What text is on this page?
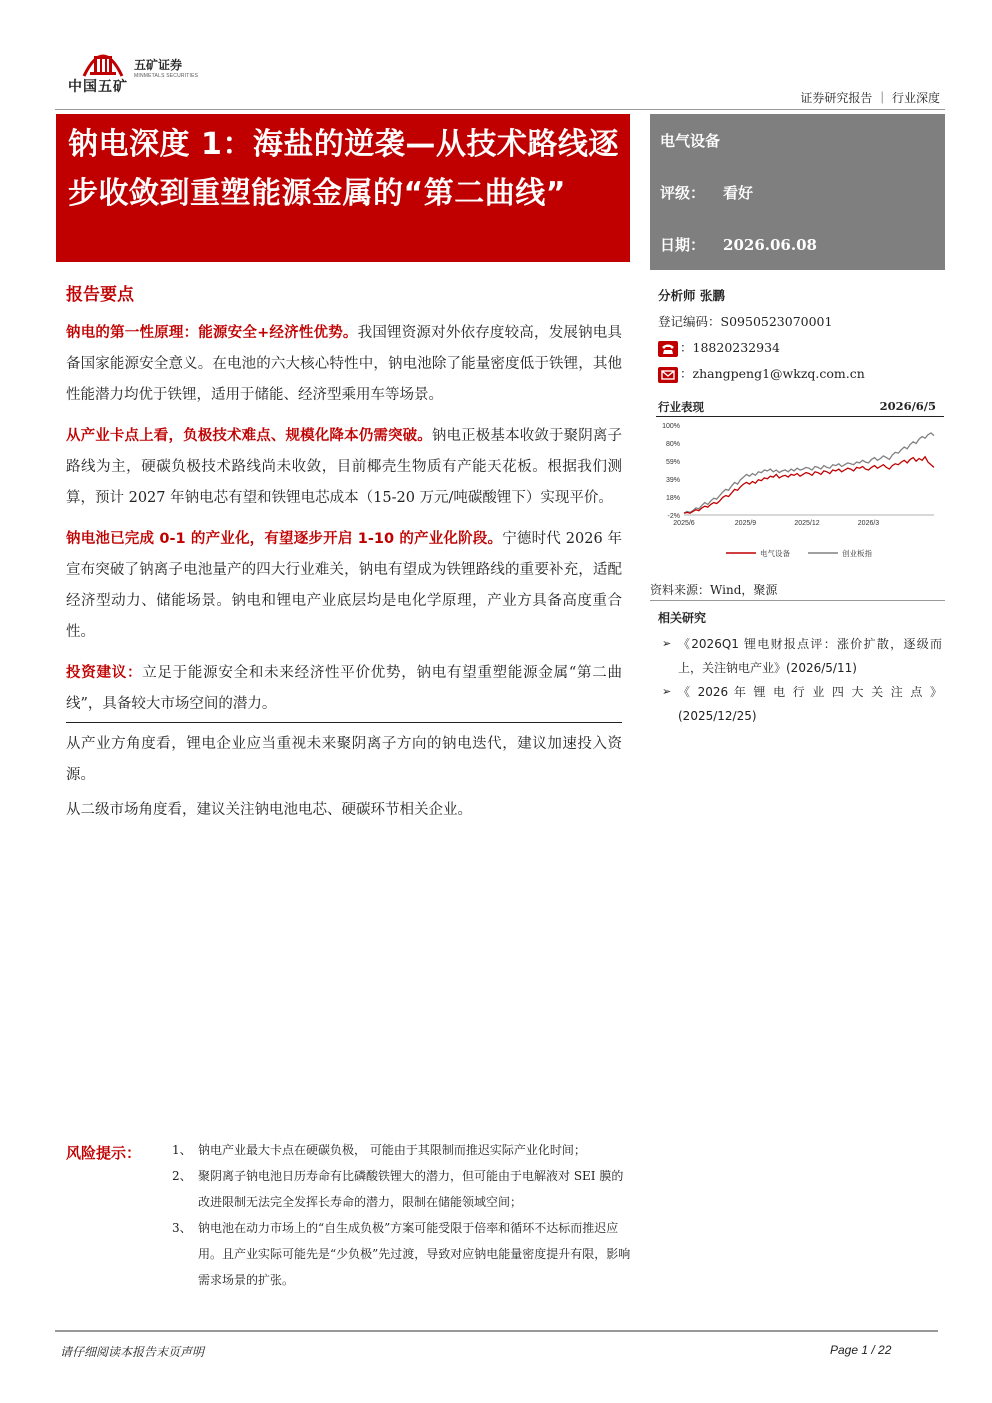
中国五矿
五矿证券
MINMETALS SECURITIES
证券研究报告 ｜ 行业深度
钠电深度 1：海盐的逆袭—从技术路线逐步收敛到重塑能源金属的“第二曲线”
电气设备
评级： 看好
日期： 2026.06.08
报告要点

钠电的第一性原理：能源安全+经济性优势。我国锂资源对外依存度较高，发展钠电具备国家能源安全意义。在电池的六大核心特性中，钠电池除了能量密度低于铁锂，其他性能潜力均优于铁锂，适用于储能、经济型乘用车等场景。

从产业卡点上看，负极技术难点、规模化降本仍需突破。钠电正极基本收敛于聚阴离子路线为主，硬碳负极技术路线尚未收敛，目前椰壳生物质有产能天花板。根据我们测算，预计 2027 年钠电芯有望和铁锂电芯成本（15-20 万元/吨碳酸锂下）实现平价。

钠电池已完成 0-1 的产业化，有望逐步开启 1-10 的产业化阶段。宁德时代 2026 年宣布突破了钠离子电池量产的四大行业难关，钠电有望成为铁锂路线的重要补充，适配经济型动力、储能场景。钠电和锂电产业底层均是电化学原理，产业方具备高度重合性。

投资建议：立足于能源安全和未来经济性平价优势，钠电有望重塑能源金属“第二曲线”，具备较大市场空间的潜力。

从产业方角度看，锂电企业应当重视未来聚阴离子方向的钠电迭代，建议加速投入资源。

从二级市场角度看，建议关注钠电池电芯、硬碳环节相关企业。

分析师 张鹏
登记编码：S0950523070001
：18820232934
：zhangpeng1@wkzq.com.cn
行业表现	2026/6/5
100%
80%
59%
39%
18%
-2%
2025/6	2025/9	2025/12	2026/3
电气设备	创业板指
资料来源：Wind，聚源
相关研究
➢ 《2026Q1 锂电财报点评：涨价扩散，逐级而上，关注钠电产业》(2026/5/11)
➢ 《 2026 年 锂 电 行 业 四 大 关 注 点 》(2025/12/25)
风险提示：	1、 钠电产业最大卡点在硬碳负极， 可能由于其限制而推迟实际产业化时间；
2、 聚阴离子钠电池日历寿命有比磷酸铁锂大的潜力，但可能由于电解液对 SEI 膜的改进限制无法完全发挥长寿命的潜力，限制在储能领域空间；
3、 钠电池在动力市场上的“自生成负极”方案可能受限于倍率和循环不达标而推迟应用。且产业实际可能先是“少负极”先过渡，导致对应钠电能量密度提升有限，影响需求场景的扩张。
请仔细阅读本报告末页声明	Page 1 / 22
